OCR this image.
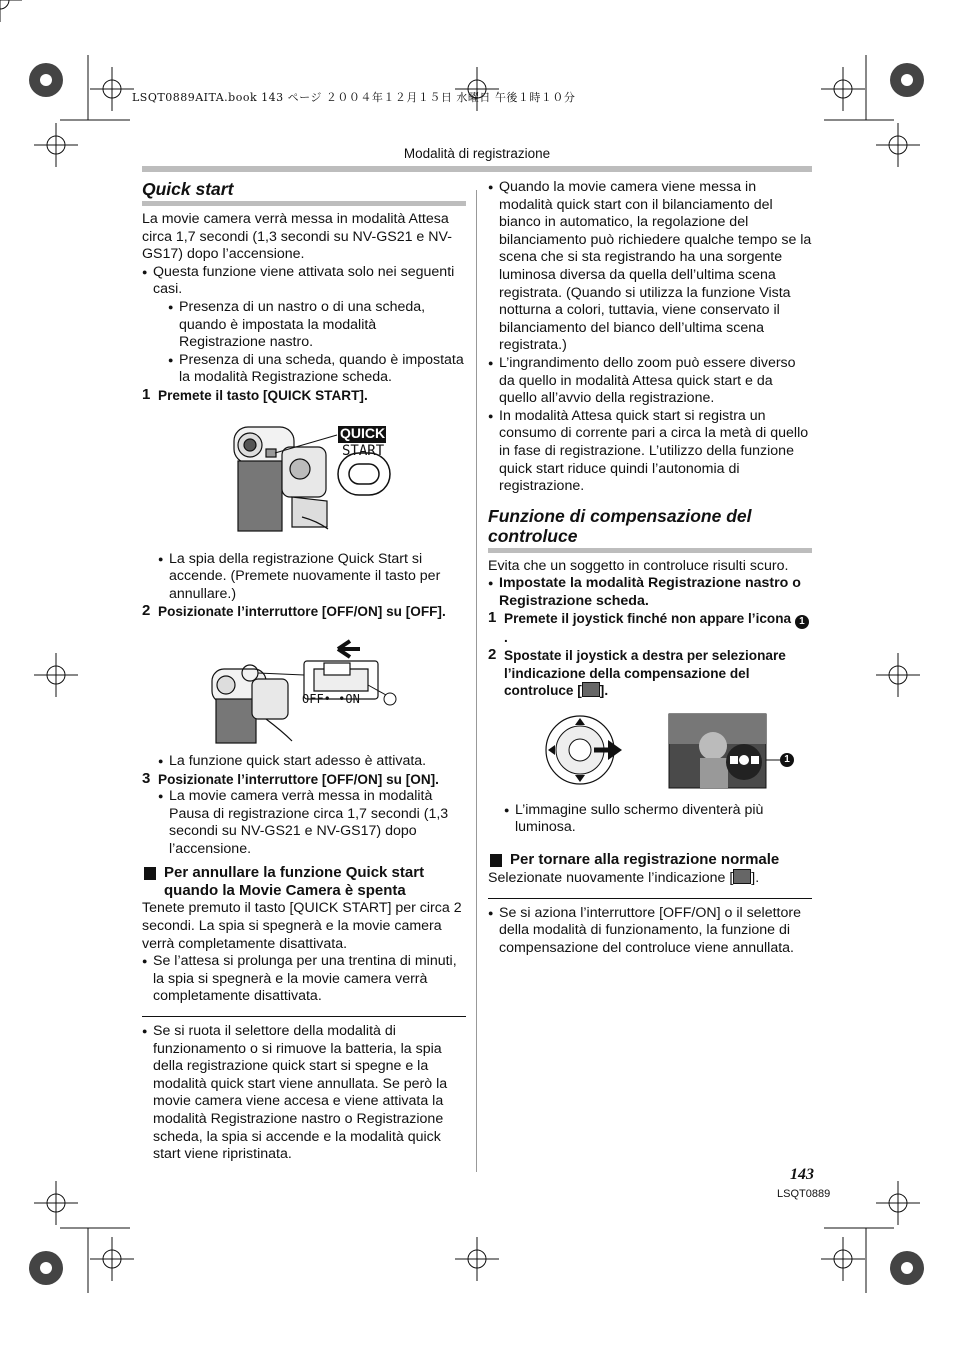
LSQT0889AITA.book 143 ページ ２００４年１２月１５日 水曜日 午後１時１０分
Modalità di registrazione
Quick start

La movie camera verrà messa in modalità Attesa circa 1,7 secondi (1,3 secondi su NV-GS21 e NV-GS17) dopo l’accensione.

● Questa funzione viene attivata solo nei seguenti casi.

● Presenza di un nastro o di una scheda, quando è impostata la modalità Registrazione nastro.

● Presenza di una scheda, quando è impostata la modalità Registrazione scheda.

1 Premete il tasto [QUICK START].

QUICK
START

● La spia della registrazione Quick Start si accende. (Premete nuovamente il tasto per annullare.)

2 Posizionate l’interruttore [OFF/ON] su [OFF].

OFF• •ON

● La funzione quick start adesso è attivata.

3 Posizionate l’interruttore [OFF/ON] su [ON].

● La movie camera verrà messa in modalità Pausa di registrazione circa 1,7 secondi (1,3 secondi su NV-GS21 e NV-GS17) dopo l’accensione.

Per annullare la funzione Quick start quando la Movie Camera è spenta

Tenete premuto il tasto [QUICK START] per circa 2 secondi. La spia si spegnerà e la movie camera verrà completamente disattivata.

● Se l’attesa si prolunga per una trentina di minuti, la spia si spegnerà e la movie camera verrà completamente disattivata.

● Se si ruota il selettore della modalità di funzionamento o si rimuove la batteria, la spia della registrazione quick start si spegne e la modalità quick start viene annullata. Se però la movie camera viene accesa e viene attivata la modalità Registrazione nastro o Registrazione scheda, la spia si accende e la modalità quick start viene ripristinata.

● Quando la movie camera viene messa in modalità quick start con il bilanciamento del bianco in automatico, la regolazione del bilanciamento può richiedere qualche tempo se la scena che si sta registrando ha una sorgente luminosa diversa da quella dell’ultima scena registrata. (Quando si utilizza la funzione Vista notturna a colori, tuttavia, viene conservato il bilanciamento del bianco dell’ultima scena registrata.)

● L’ingrandimento dello zoom può essere diverso da quello in modalità Attesa quick start e da quello all’avvio della registrazione.

● In modalità Attesa quick start si registra un consumo di corrente pari a circa la metà di quello in fase di registrazione. L’utilizzo della funzione quick start riduce quindi l’autonomia di registrazione.

Funzione di compensazione del
controluce

Evita che un soggetto in controluce risulti scuro.

● Impostate la modalità Registrazione nastro o Registrazione scheda.

1 Premete il joystick finché non appare l’icona 1.

2 Spostate il joystick a destra per selezionare l’indicazione della compensazione del controluce [ ].

1

● L’immagine sullo schermo diventerà più luminosa.

Per tornare alla registrazione normale

Selezionate nuovamente l’indicazione [ ].

● Se si aziona l’interruttore [OFF/ON] o il selettore della modalità di funzionamento, la funzione di compensazione del controluce viene annullata.

143
LSQT0889
